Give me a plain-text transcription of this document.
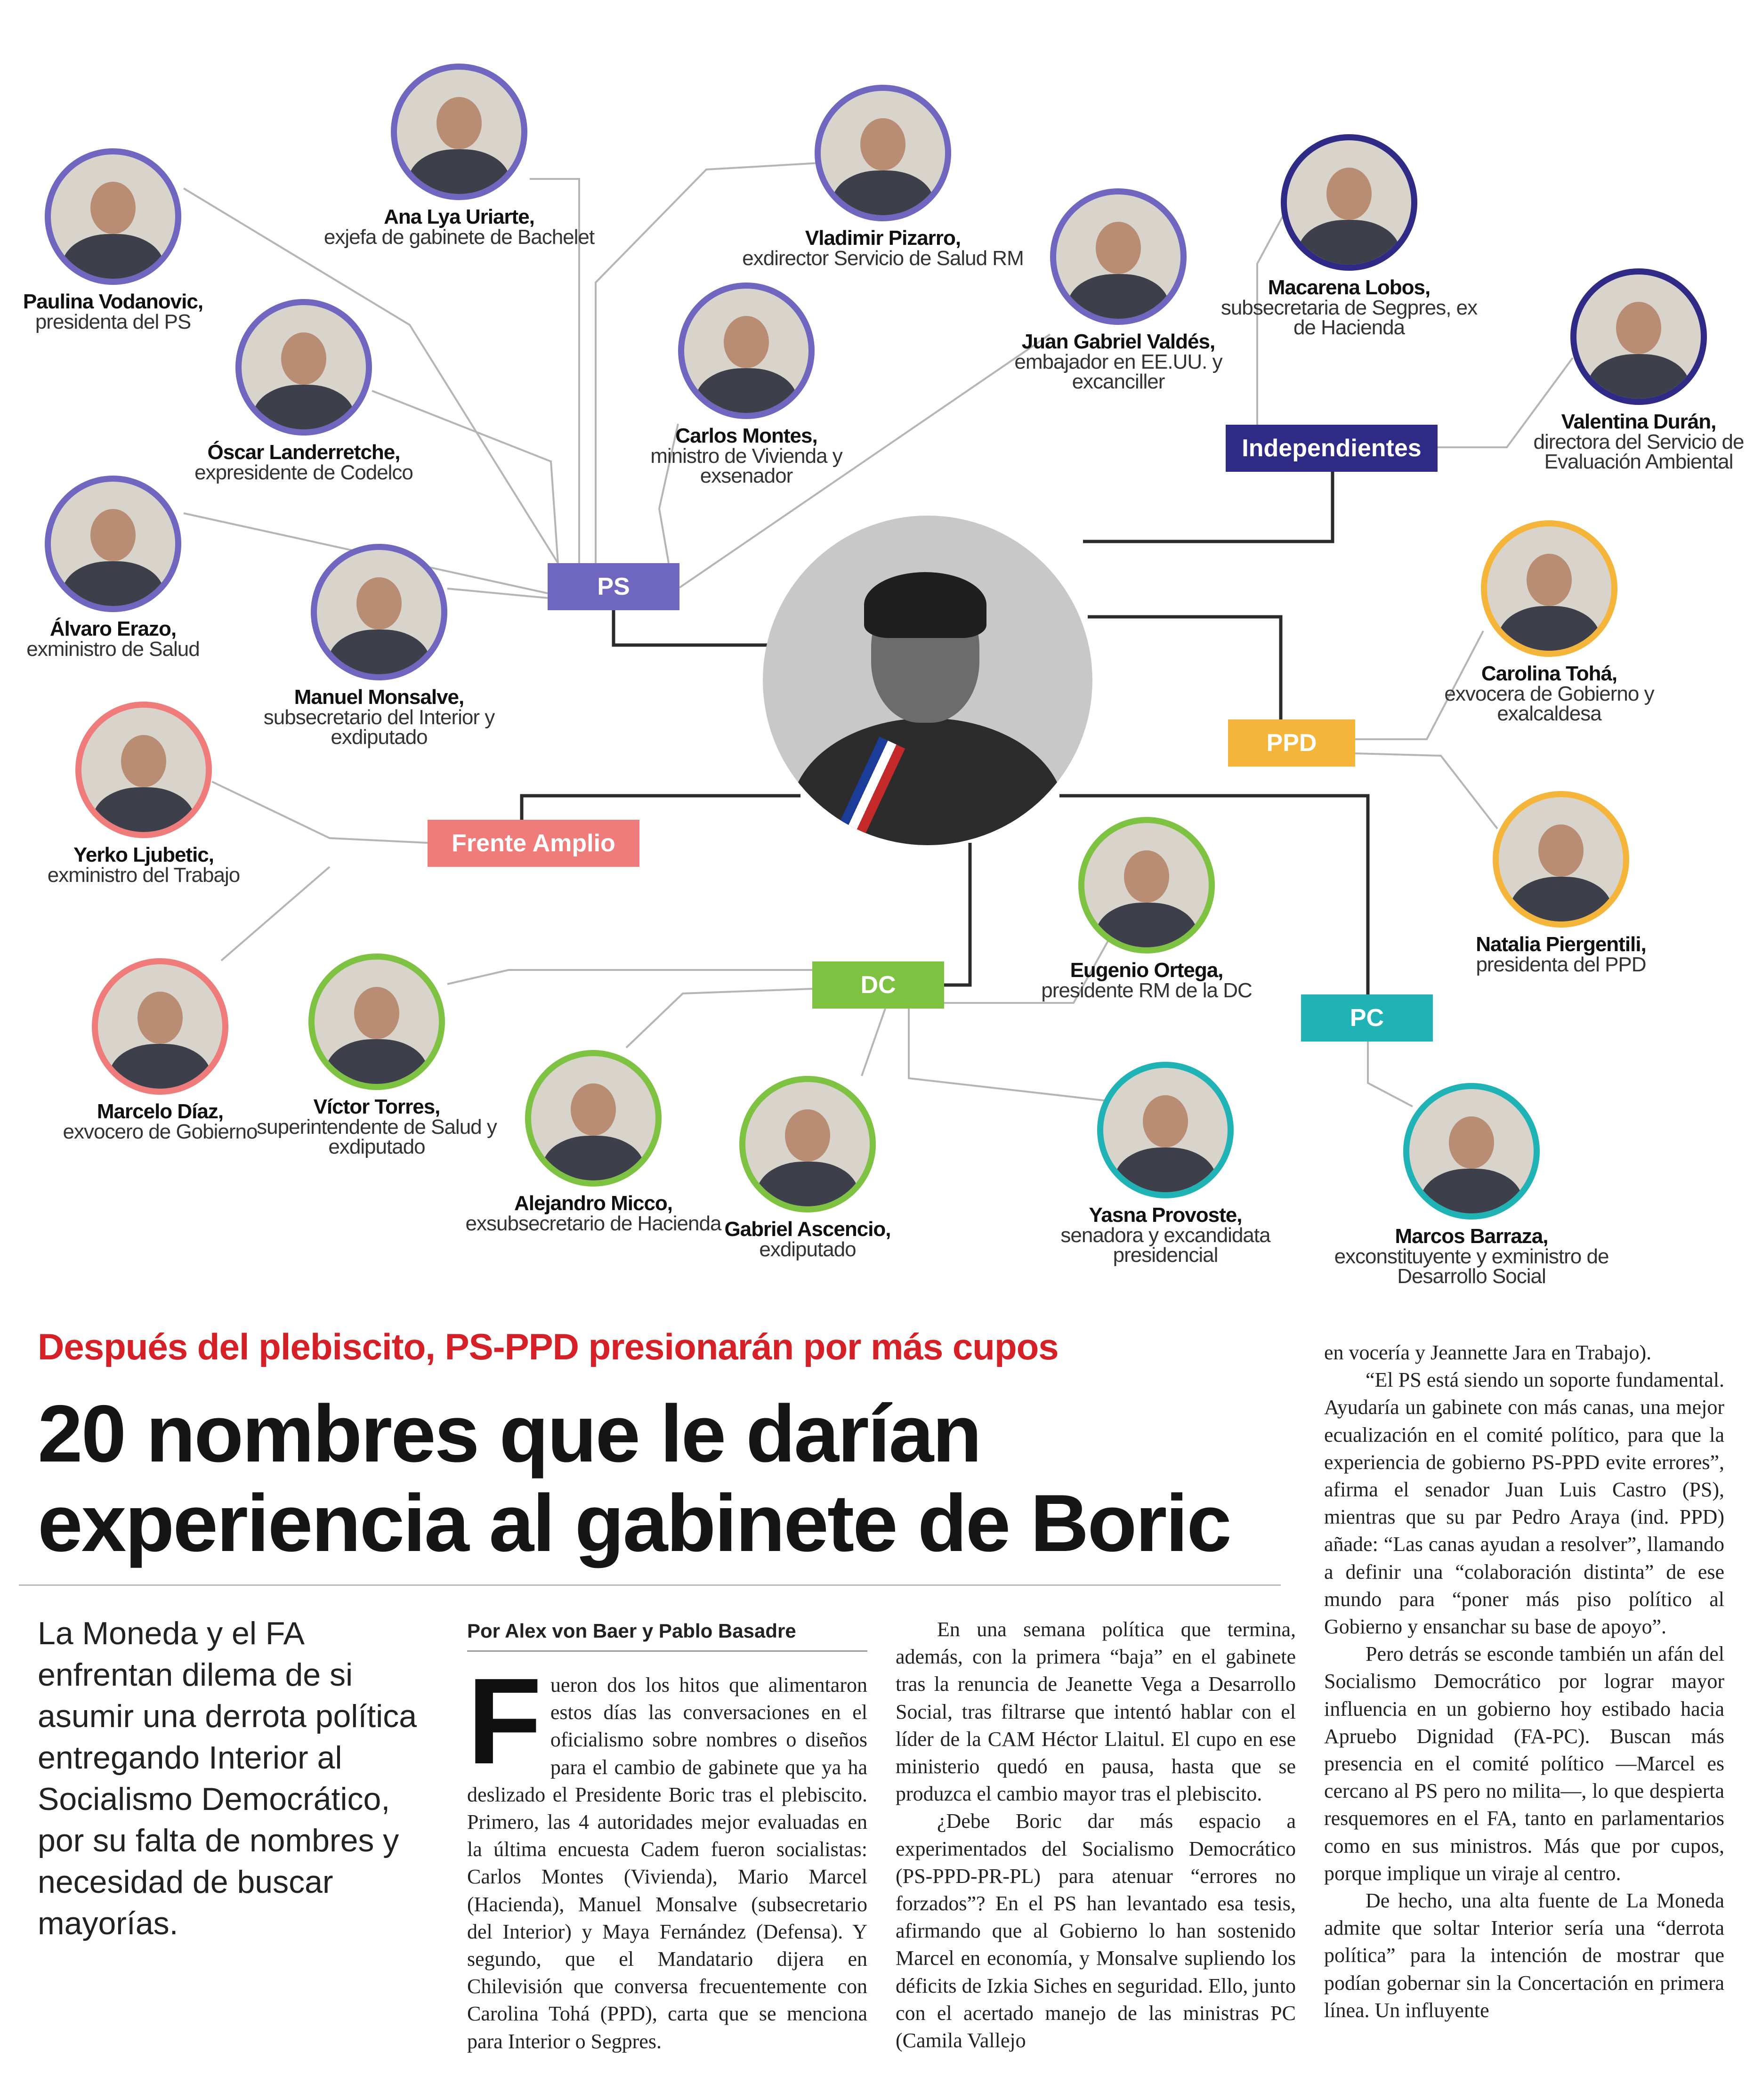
PS
Independientes
PPD
Frente Amplio
DC
PC
Paulina Vodanovic,
presidenta del PS
Ana Lya Uriarte,
exjefa de gabinete de Bachelet	Vladimir Pizarro,
exdirector Servicio de Salud RM
Óscar Landerretche,
expresidente de Codelco
Carlos Montes,
ministro de Vivienda y exsenador
Juan Gabriel Valdés,
embajador en EE.UU. y excanciller
Álvaro Erazo,
exministro de Salud
Manuel Monsalve,
subsecretario del Interior y exdiputado
Macarena Lobos,
subsecretaria de Segpres, ex de Hacienda
Valentina Durán,
directora del Servicio de Evaluación Ambiental
Carolina Tohá,
exvocera de Gobierno y exalcaldesa
Natalia Piergentili,
presidenta del PPD
Yerko Ljubetic,
exministro del Trabajo
Marcelo Díaz,
exvocero de Gobierno
Víctor Torres,
superintendente de Salud y exdiputado
Alejandro Micco,
exsubsecretario de Hacienda Gabriel Ascencio,
exdiputado
Eugenio Ortega,
presidente RM de la DC
Yasna Provoste,
senadora y excandidata presidencial
Marcos Barraza,
exconstituyente y exministro de Desarrollo Social
Después del plebiscito, PS-PPD presionarán por más cupos
20 nombres que le darían
experiencia al gabinete de Boric
La Moneda y el FA enfrentan dilema de si asumir una derrota política entregando Interior al Socialismo Democrático, por su falta de nombres y necesidad de buscar mayorías.
Por Alex von Baer y Pablo Basadre

Fueron dos los hitos que alimentaron estos días las conversaciones en el oficialismo sobre nombres o diseños para el cambio de gabinete que ya ha deslizado el Presidente Boric tras el plebiscito. Primero, las 4 autoridades mejor evaluadas en la última encuesta Cadem fueron socialistas: Carlos Montes (Vivienda), Mario Marcel (Hacienda), Manuel Monsalve (subsecretario del Interior) y Maya Fernández (Defensa). Y segundo, que el Mandatario dijera en Chilevisión que conversa frecuentemente con Carolina Tohá (PPD), carta que se menciona para Interior o Segpres.

En una semana política que termina, además, con la primera “baja” en el gabinete tras la renuncia de Jeanette Vega a Desarrollo Social, tras filtrarse que intentó hablar con el líder de la CAM Héctor Llaitul. El cupo en ese ministerio quedó en pausa, hasta que se produzca el cambio mayor tras el plebiscito.

¿Debe Boric dar más espacio a experimentados del Socialismo Democrático (PS-PPD-PR-PL) para atenuar “errores no forzados”? En el PS han levantado esa tesis, afirmando que al Gobierno lo han sostenido Marcel en economía, y Monsalve supliendo los déficits de Izkia Siches en seguridad. Ello, junto con el acertado manejo de las ministras PC (Camila Vallejo

en vocería y Jeannette Jara en Trabajo).

“El PS está siendo un soporte fundamental. Ayudaría un gabinete con más canas, una mejor ecualización en el comité político, para que la experiencia de gobierno PS-PPD evite errores”, afirma el senador Juan Luis Castro (PS), mientras que su par Pedro Araya (ind. PPD) añade: “Las canas ayudan a resolver”, llamando a definir una “colaboración distinta” de ese mundo para “poner más piso político al Gobierno y ensanchar su base de apoyo”.

Pero detrás se esconde también un afán del Socialismo Democrático por lograr mayor influencia en un gobierno hoy estibado hacia Apruebo Dignidad (FA-PC). Buscan más presencia en el comité político —Marcel es cercano al PS pero no milita—, lo que despierta resquemores en el FA, tanto en parlamentarios como en sus ministros. Más que por cupos, porque implique un viraje al centro.

De hecho, una alta fuente de La Moneda admite que soltar Interior sería una “derrota política” para la intención de mostrar que podían gobernar sin la Concertación en primera línea. Un influyente
